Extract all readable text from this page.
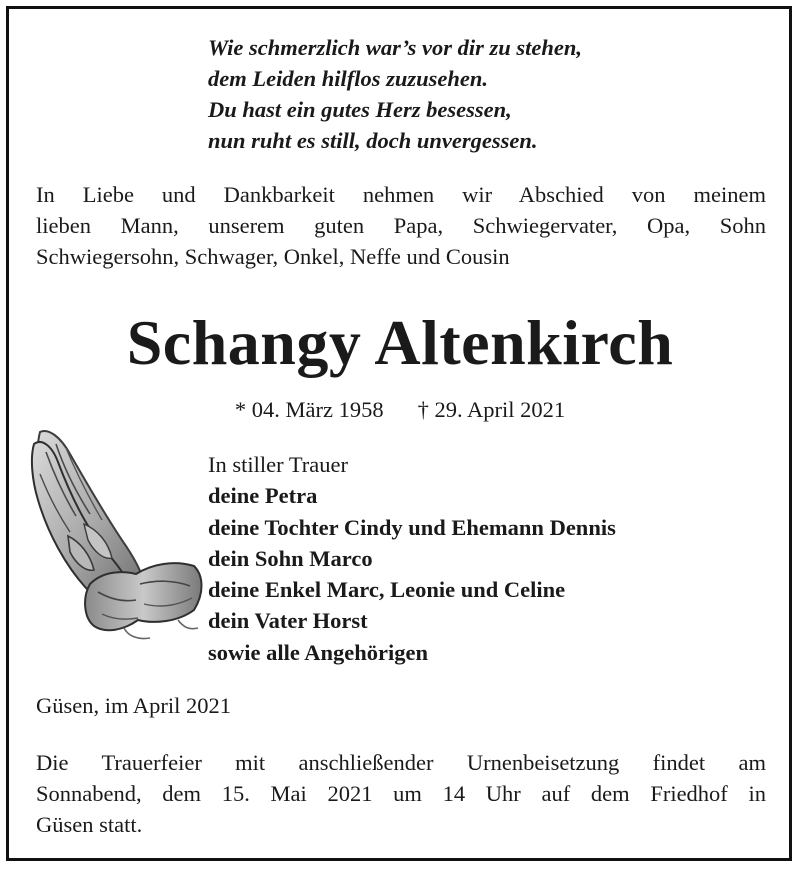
Wie schmerzlich war’s vor dir zu stehen,
dem Leiden hilflos zuzusehen.
Du hast ein gutes Herz besessen,
nun ruht es still, doch unvergessen.
In Liebe und Dankbarkeit nehmen wir Abschied von meinem
lieben Mann, unserem guten Papa, Schwiegervater, Opa, Sohn
Schwiegersohn, Schwager, Onkel, Neffe und Cousin
Schangy Altenkirch
* 04. März 1958 † 29. April 2021
In stiller Trauer
deine Petra
deine Tochter Cindy und Ehemann Dennis
dein Sohn Marco
deine Enkel Marc, Leonie und Celine
dein Vater Horst
sowie alle Angehörigen
Güsen, im April 2021
Die Trauerfeier mit anschließender Urnenbeisetzung findet am
Sonnabend, dem 15. Mai 2021 um 14 Uhr auf dem Friedhof in
Güsen statt.
